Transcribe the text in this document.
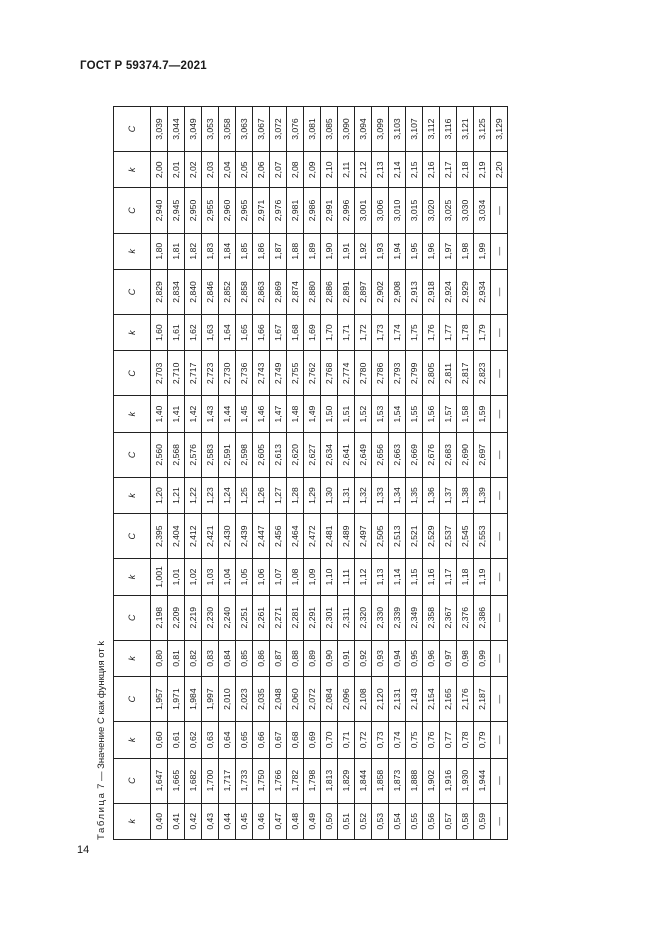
ГОСТ Р 59374.7—2021
Таблица 7 — Значение C как функция от k
k	C	k	C	k	C	k	C	k	C	k	C	k	C	k	C	k	C
0,40	1,647	0,60	1,957	0,80	2,198	1,001	2,395	1,20	2,560	1,40	2,703	1,60	2,829	1,80	2,940	2,00	3,039
0,41	1,665	0,61	1,971	0,81	2,209	1,01	2,404	1,21	2,568	1,41	2,710	1,61	2,834	1,81	2,945	2,01	3,044
0,42	1,682	0,62	1,984	0,82	2,219	1,02	2,412	1,22	2,576	1,42	2,717	1,62	2,840	1,82	2,950	2,02	3,049
0,43	1,700	0,63	1,997	0,83	2,230	1,03	2,421	1,23	2,583	1,43	2,723	1,63	2,846	1,83	2,955	2,03	3,053
0,44	1,717	0,64	2,010	0,84	2,240	1,04	2,430	1,24	2,591	1,44	2,730	1,64	2,852	1,84	2,960	2,04	3,058
0,45	1,733	0,65	2,023	0,85	2,251	1,05	2,439	1,25	2,598	1,45	2,736	1,65	2,858	1,85	2,965	2,05	3,063
0,46	1,750	0,66	2,035	0,86	2,261	1,06	2,447	1,26	2,605	1,46	2,743	1,66	2,863	1,86	2,971	2,06	3,067
0,47	1,766	0,67	2,048	0,87	2,271	1,07	2,456	1,27	2,613	1,47	2,749	1,67	2,869	1,87	2,976	2,07	3,072
0,48	1,782	0,68	2,060	0,88	2,281	1,08	2,464	1,28	2,620	1,48	2,755	1,68	2,874	1,88	2,981	2,08	3,076
0,49	1,798	0,69	2,072	0,89	2,291	1,09	2,472	1,29	2,627	1,49	2,762	1,69	2,880	1,89	2,986	2,09	3,081
0,50	1,813	0,70	2,084	0,90	2,301	1,10	2,481	1,30	2,634	1,50	2,768	1,70	2,886	1,90	2,991	2,10	3,085
0,51	1,829	0,71	2,096	0,91	2,311	1,11	2,489	1,31	2,641	1,51	2,774	1,71	2,891	1,91	2,996	2,11	3,090
0,52	1,844	0,72	2,108	0,92	2,320	1,12	2,497	1,32	2,649	1,52	2,780	1,72	2,897	1,92	3,001	2,12	3,094
0,53	1,858	0,73	2,120	0,93	2,330	1,13	2,505	1,33	2,656	1,53	2,786	1,73	2,902	1,93	3,006	2,13	3,099
0,54	1,873	0,74	2,131	0,94	2,339	1,14	2,513	1,34	2,663	1,54	2,793	1,74	2,908	1,94	3,010	2,14	3,103
0,55	1,888	0,75	2,143	0,95	2,349	1,15	2,521	1,35	2,669	1,55	2,799	1,75	2,913	1,95	3,015	2,15	3,107
0,56	1,902	0,76	2,154	0,96	2,358	1,16	2,529	1,36	2,676	1,56	2,805	1,76	2,918	1,96	3,020	2,16	3,112
0,57	1,916	0,77	2,165	0,97	2,367	1,17	2,537	1,37	2,683	1,57	2,811	1,77	2,924	1,97	3,025	2,17	3,116
0,58	1,930	0,78	2,176	0,98	2,376	1,18	2,545	1,38	2,690	1,58	2,817	1,78	2,929	1,98	3,030	2,18	3,121
0,59	1,944	0,79	2,187	0,99	2,386	1,19	2,553	1,39	2,697	1,59	2,823	1,79	2,934	1,99	3,034	2,19	3,125
—	—	—	—	—	—	—	—	—	—	—	—	—	—	—	—	2,20	3,129
14
